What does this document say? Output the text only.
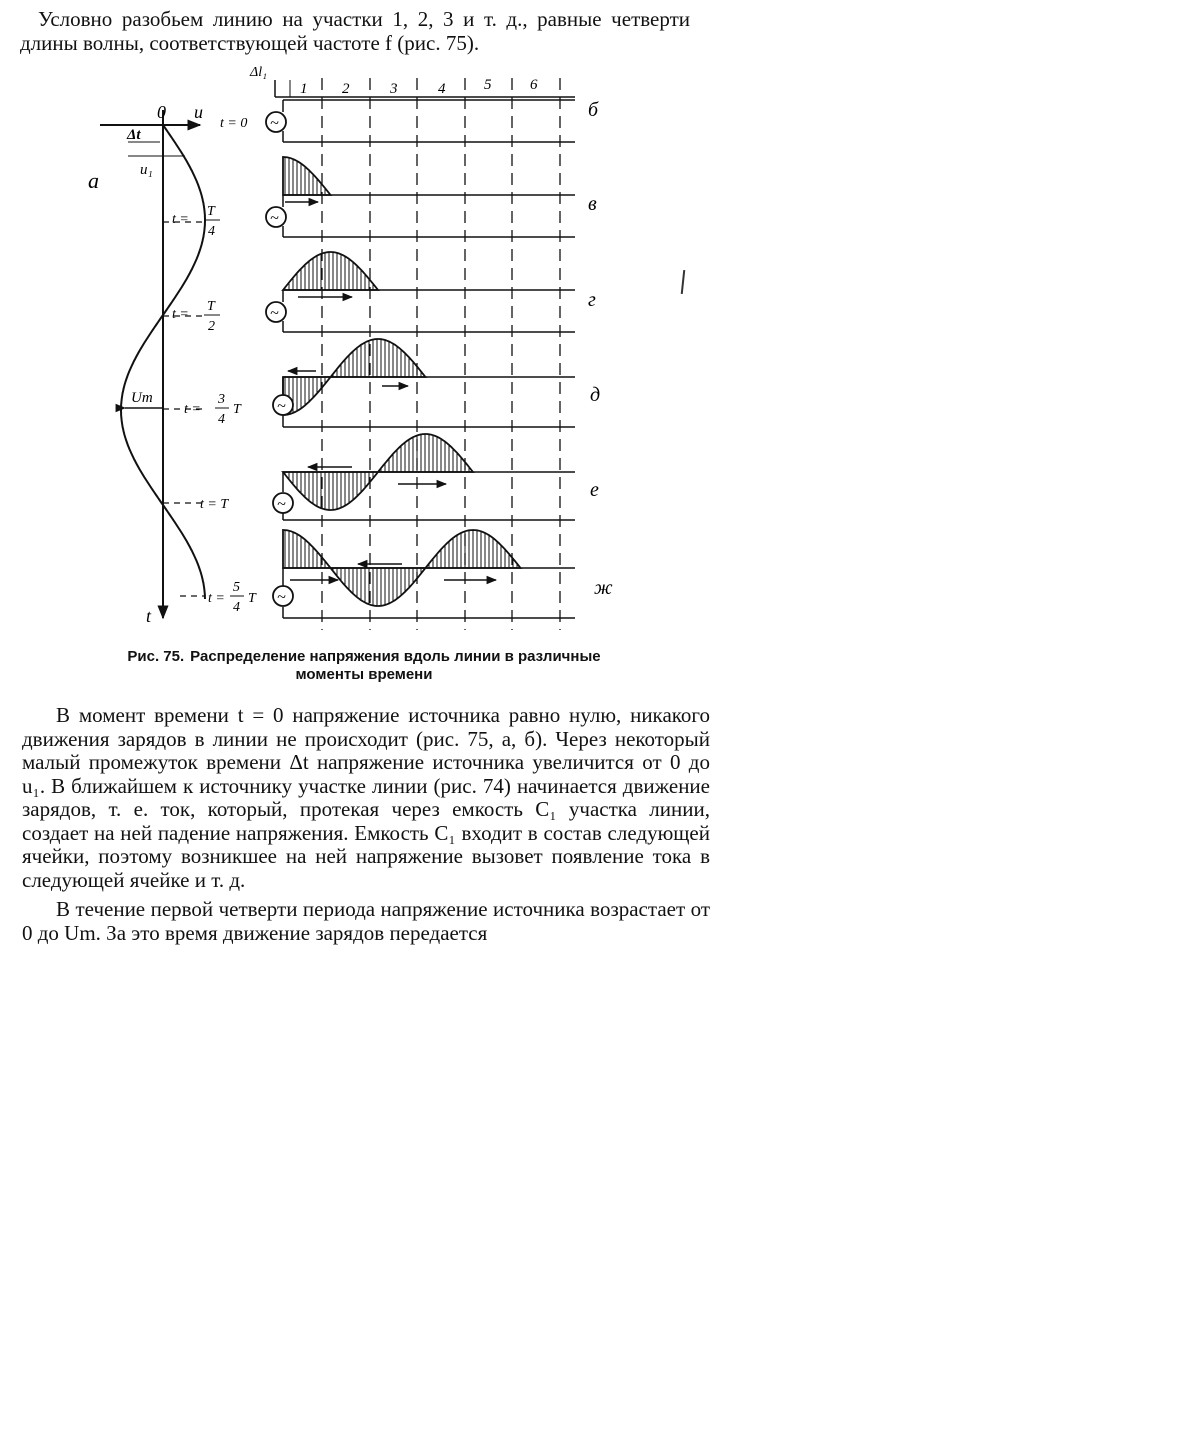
Условно разобьем линию на участки 1, 2, 3 и т. д., равные четверти длины волны, соответствующей частоте f (рис. 75).

а
0 u
t
Δt
u₁
Um
Δl₁
1 2	3	4	5	6
~
t = 0
б
~
t =
T
4
в
~
t =
T
2
г
~
t =
3
4
T
д
~
t = T
е
~
t =
5
4
T	ж
Рис. 75. Распределение напряжения вдоль линии в различные моменты времени

В момент времени t = 0 напряжение источника равно нулю, никакого движения зарядов в линии не происходит (рис. 75, а, б). Через некоторый малый промежуток времени Δt напряжение источника увеличится от 0 до u₁. В ближайшем к источнику участке линии (рис. 74) начинается движение зарядов, т. е. ток, который, протекая через емкость C₁ участка линии, создает на ней падение напряжения. Емкость C₁ входит в состав следующей ячейки, поэтому возникшее на ней напряжение вызовет появление тока в следующей ячейке и т. д.

В течение первой четверти периода напряжение источника возрастает от 0 до Um. За это время движение зарядов передается
